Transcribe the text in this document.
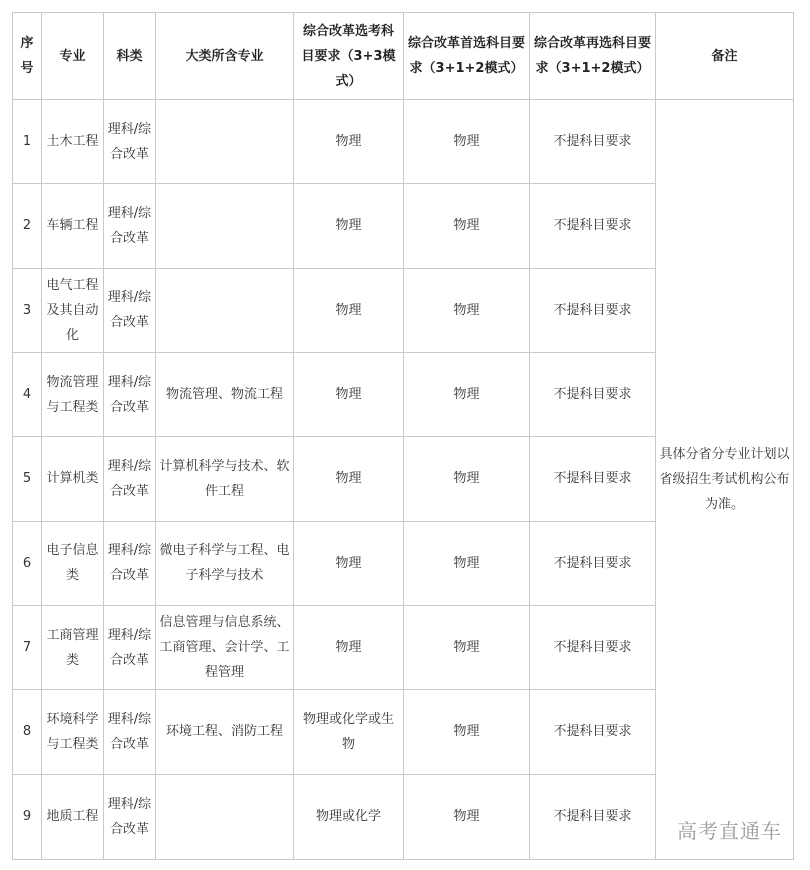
序号	专业	科类	大类所含专业	综合改革选考科目要求（3+3模式）	综合改革首选科目要求（3+1+2模式）	综合改革再选科目要求（3+1+2模式）	备注
1	土木工程	理科/综合改革		物理	物理	不提科目要求	具体分省分专业计划以省级招生考试机构公布为准。
2	车辆工程	理科/综合改革		物理	物理	不提科目要求	
3	电气工程及其自动化	理科/综合改革		物理	物理	不提科目要求	
4	物流管理与工程类	理科/综合改革	物流管理、物流工程	物理	物理	不提科目要求	
5	计算机类	理科/综合改革	计算机科学与技术、软件工程	物理	物理	不提科目要求	
6	电子信息类	理科/综合改革	微电子科学与工程、电子科学与技术	物理	物理	不提科目要求	
7	工商管理类	理科/综合改革	信息管理与信息系统、工商管理、会计学、工程管理	物理	物理	不提科目要求	
8	环境科学与工程类	理科/综合改革	环境工程、消防工程	物理或化学或生物	物理	不提科目要求	
9	地质工程	理科/综合改革		物理或化学	物理	不提科目要求	
高考直通车
